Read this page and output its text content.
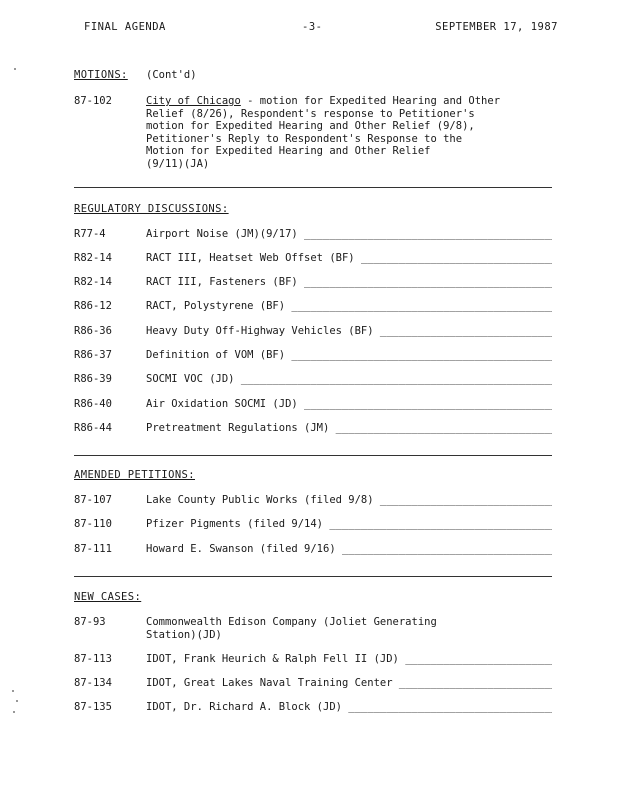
FINAL AGENDA	-3-	SEPTEMBER 17, 1987
MOTIONS: (Cont'd)
87-102	City of Chicago - motion for Expedited Hearing and Other
Relief (8/26), Respondent's response to Petitioner's
motion for Expedited Hearing and Other Relief (9/8),
Petitioner's Reply to Respondent's Response to the
Motion for Expedited Hearing and Other Relief
(9/11)(JA)
REGULATORY DISCUSSIONS:
R77-4	Airport Noise (JM)(9/17) _____
R82-14	RACT III, Heatset Web Offset (BF) _____
R82-14	RACT III, Fasteners (BF) _____
R86-12	RACT, Polystyrene (BF) _____
R86-36	Heavy Duty Off-Highway Vehicles (BF) _____
R86-37	Definition of VOM (BF) _____
R86-39	SOCMI VOC (JD) _____
R86-40	Air Oxidation SOCMI (JD) _____
R86-44	Pretreatment Regulations (JM) _____
AMENDED PETITIONS:
87-107	Lake County Public Works (filed 9/8) _____
87-110	Pfizer Pigments (filed 9/14) _____
87-111	Howard E. Swanson (filed 9/16) _____
NEW CASES:
87-93	Commonwealth Edison Company (Joliet Generating
Station)(JD)
87-113	IDOT, Frank Heurich & Ralph Fell II (JD) _____
87-134	IDOT, Great Lakes Naval Training Center _____
87-135	IDOT, Dr. Richard A. Block (JD) _____
